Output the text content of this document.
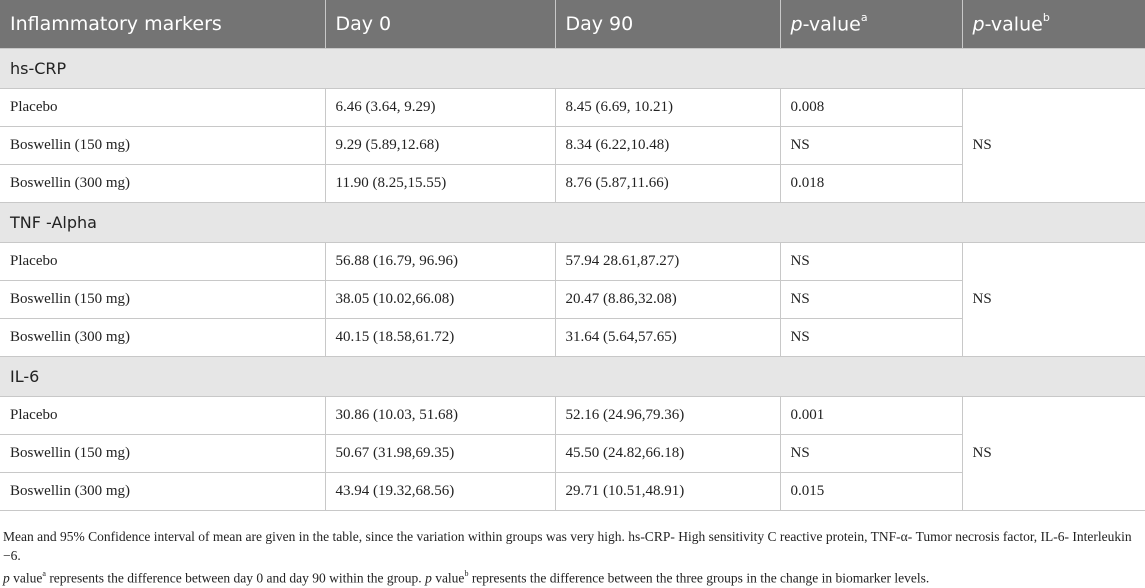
Inflammatory markers	Day 0	Day 90	p-value$^a$	p-value$^b$
hs-CRP				
Placebo	6.46 (3.64, 9.29)	8.45 (6.69, 10.21)	0.008	NS
Boswellin (150 mg)	9.29 (5.89,12.68)	8.34 (6.22,10.48)	NS	
Boswellin (300 mg)	11.90 (8.25,15.55)	8.76 (5.87,11.66)	0.018	
TNF -Alpha				
Placebo	56.88 (16.79, 96.96)	57.94 28.61,87.27)	NS	NS
Boswellin (150 mg)	38.05 (10.02,66.08)	20.47 (8.86,32.08)	NS	
Boswellin (300 mg)	40.15 (18.58,61.72)	31.64 (5.64,57.65)	NS	
IL-6				
Placebo	30.86 (10.03, 51.68)	52.16 (24.96,79.36)	0.001	NS
Boswellin (150 mg)	50.67 (31.98,69.35)	45.50 (24.82,66.18)	NS	
Boswellin (300 mg)	43.94 (19.32,68.56)	29.71 (10.51,48.91)	0.015	

Mean and 95% Confidence interval of mean are given in the table, since the variation within groups was very high. hs-CRP- High sensitivity C reactive protein, TNF-α- Tumor necrosis factor, IL-6- Interleukin −6.

p value$^a$ represents the difference between day 0 and day 90 within the group. p value$^b$ represents the difference between the three groups in the change in biomarker levels.
